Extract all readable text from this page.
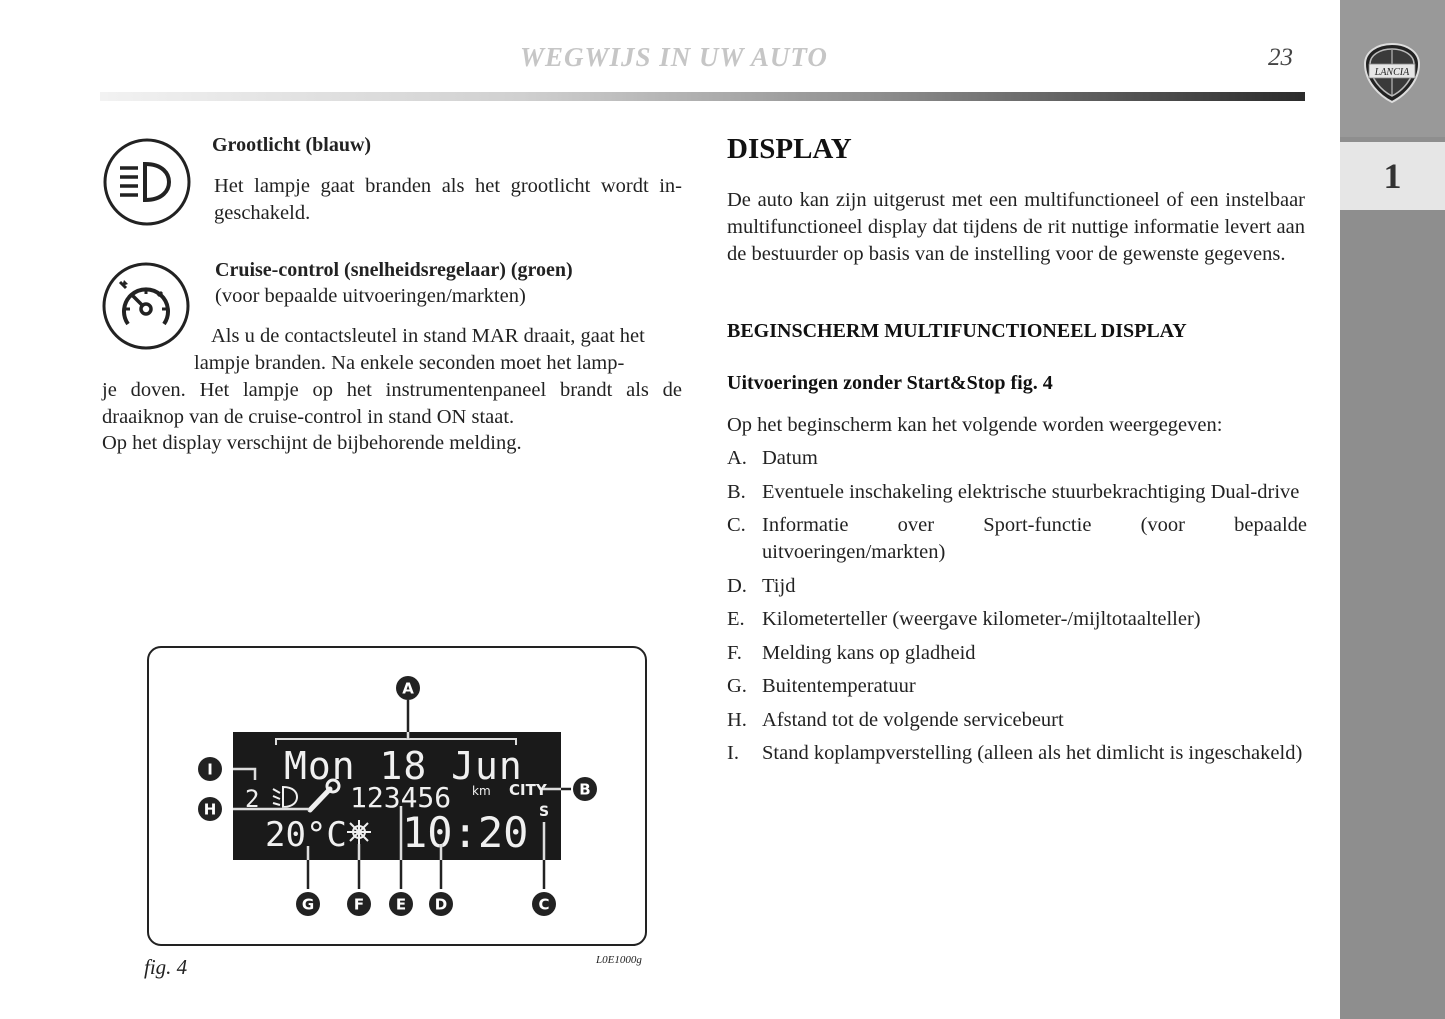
WEGWIJS IN UW AUTO	23
1
LANCIA
Grootlicht (blauw)
Het lampje gaat branden als het grootlicht wordt in-geschakeld.
Cruise-control (snelheidsregelaar) (groen)
(voor bepaalde uitvoeringen/markten)
Als u de contactsleutel in stand MAR draait, gaat het
lampje branden. Na enkele seconden moet het lamp-
je doven. Het lampje op het instrumentenpaneel brandt als de draaiknop van de cruise-control in stand ON staat.
Op het display verschijnt de bijbehorende melding.
DISPLAY
De auto kan zijn uitgerust met een multifunctioneel of een instelbaar multifunctioneel display dat tijdens de rit nuttige informatie levert aan de bestuurder op basis van de instelling voor de gewenste gegevens.
BEGINSCHERM MULTIFUNCTIONEEL DISPLAY
Uitvoeringen zonder Start&Stop fig. 4
Op het beginscherm kan het volgende worden weergegeven:
A. Datum
B. Eventuele inschakeling elektrische stuurbekrachtiging Dual-drive
C. Informatie over Sport-functie (voor bepaalde uitvoeringen/markten)
D. Tijd
E. Kilometerteller (weergave kilometer-/mijltotaalteller)
F. Melding kans op gladheid
G. Buitentemperatuur
H. Afstand tot de volgende servicebeurt
I. Stand koplampverstelling (alleen als het dimlicht is ingeschakeld)
Mon 18 Jun
2	123456 km CITY
S
20°C 10:20
A
B
C
D
E
F
G
H
I
fig. 4	L0E1000g
